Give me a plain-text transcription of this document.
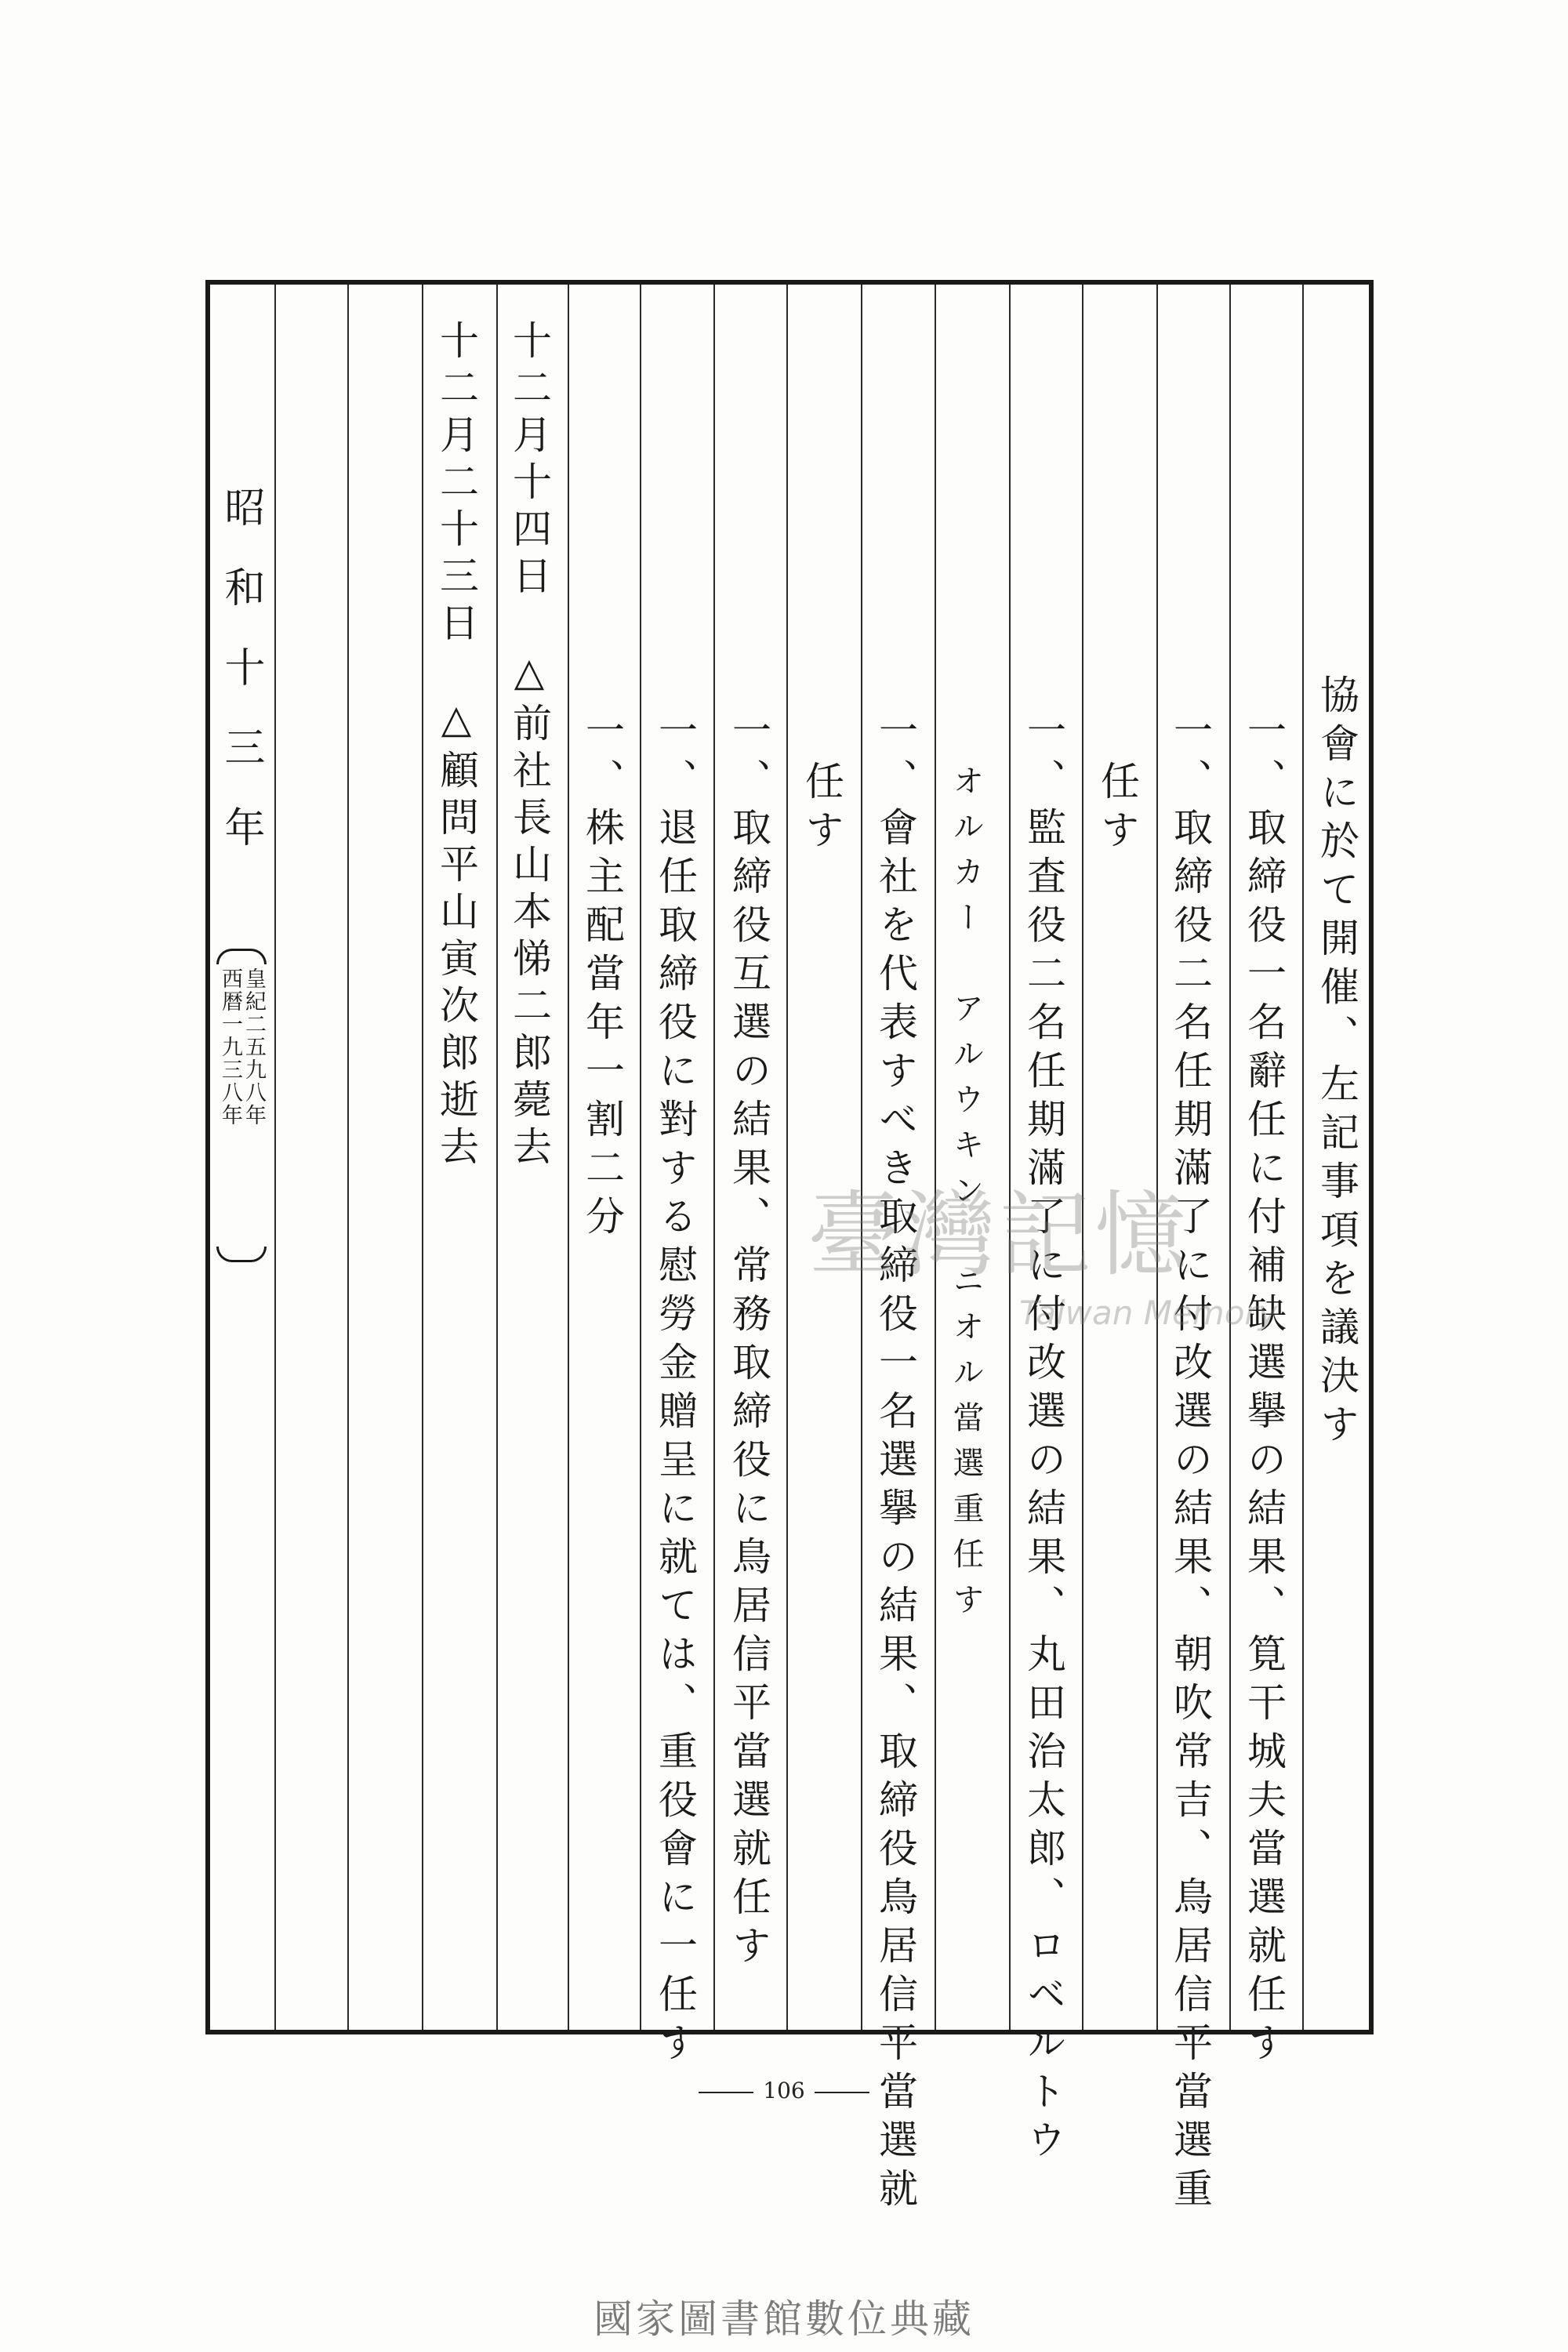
協會に於て開催、左記事項を議決す
一、取締役一名辭任に付補缺選擧の結果、筧干城夫當選就任す
一、取締役二名任期滿了に付改選の結果、朝吹常吉、鳥居信平當選重
任す
一、監査役二名任期滿了に付改選の結果、丸田治太郎、ロベルトウ
オルカー　アルウキン　ニオル當選重任す
一、會社を代表すべき取締役一名選擧の結果、取締役鳥居信平當選就
任す
一、取締役互選の結果、常務取締役に鳥居信平當選就任す
一、退任取締役に對する慰勞金贈呈に就ては、重役會に一任す
一、株主配當年一割二分
十二月十四日　△前社長山本悌二郎薨去
十二月二十三日　△顧問平山寅次郎逝去
昭和十三年
皇紀二五九八年
西暦一九三八年
臺灣記憶
Taiwan Memory
106
國家圖書館數位典藏
